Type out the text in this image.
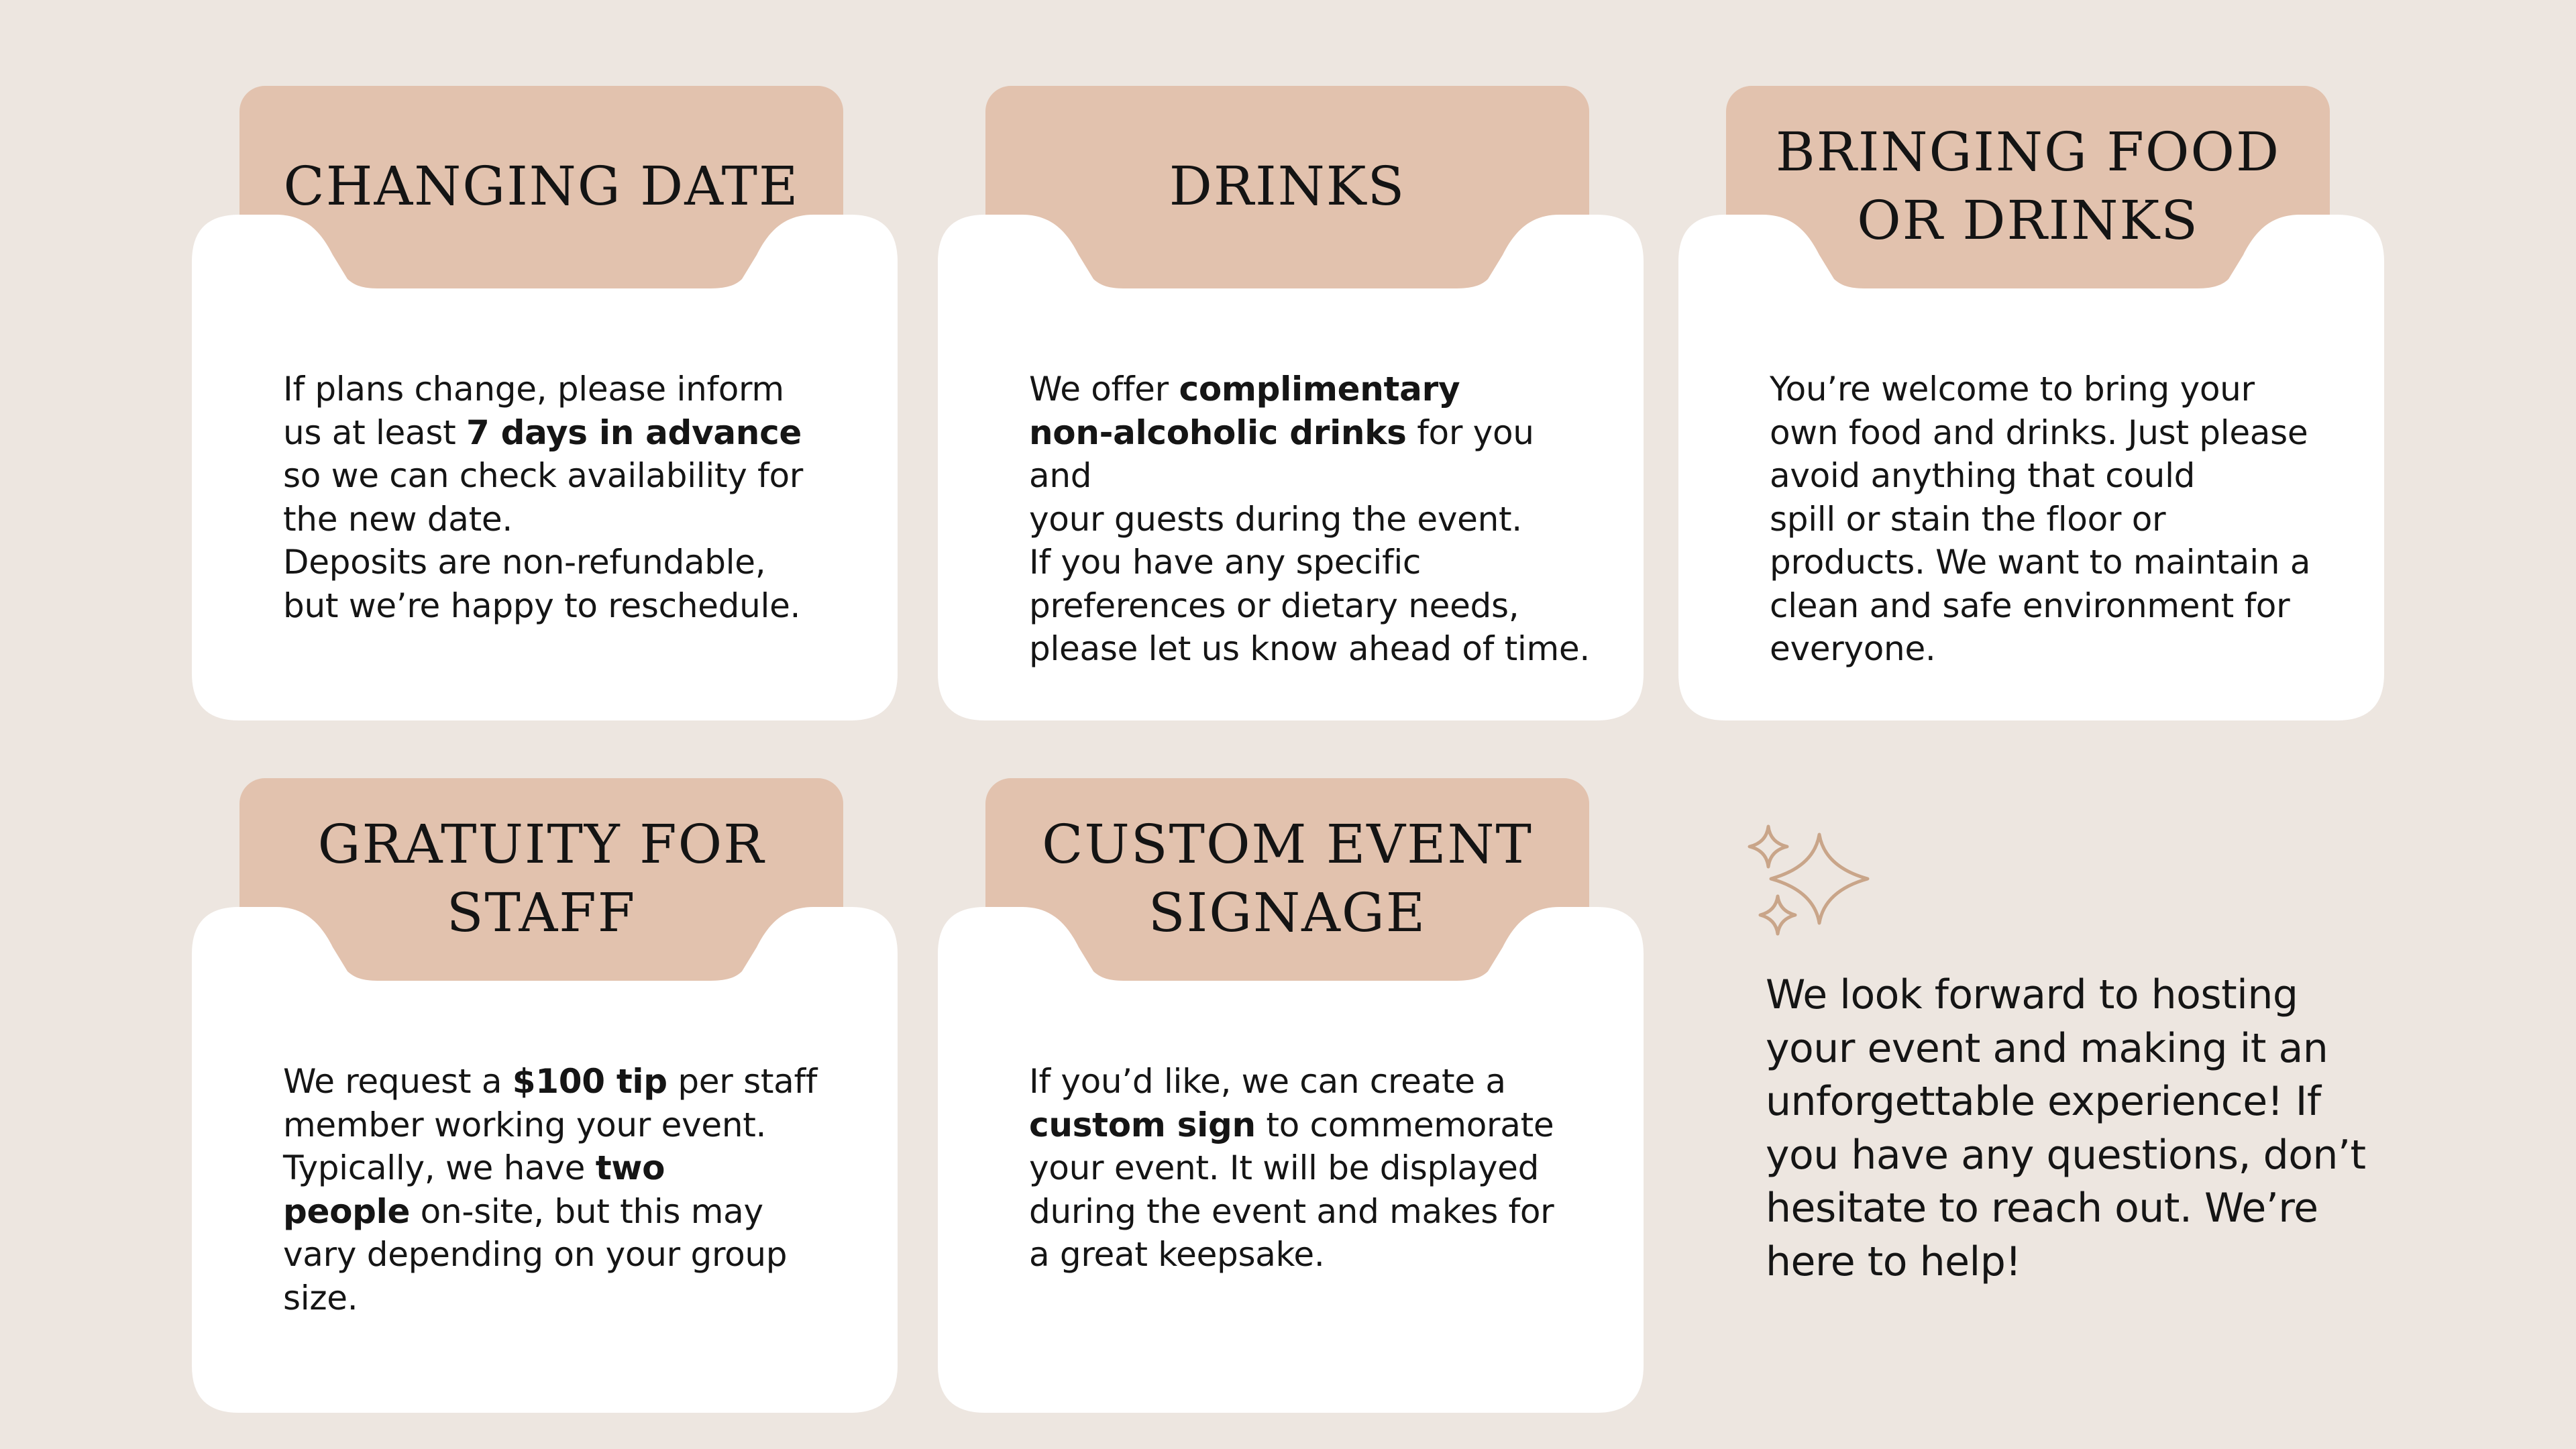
CHANGING DATE
If plans change, please inform
us at least 7 days in advance
so we can check availability for
the new date.
Deposits are non-refundable,
but we’re happy to reschedule.
DRINKS
We offer complimentary
non-alcoholic drinks for you and
your guests during the event.
If you have any specific
preferences or dietary needs,
please let us know ahead of time.
BRINGING FOOD
OR DRINKS
You’re welcome to bring your
own food and drinks. Just please
avoid anything that could
spill or stain the floor or
products. We want to maintain a
clean and safe environment for
everyone.
GRATUITY FOR
STAFF
We request a $100 tip per staff
member working your event.
Typically, we have two
people on-site, but this may
vary depending on your group
size.
CUSTOM EVENT
SIGNAGE
If you’d like, we can create a
custom sign to commemorate
your event. It will be displayed
during the event and makes for
a great keepsake.
We look forward to hosting
your event and making it an
unforgettable experience! If
you have any questions, don’t
hesitate to reach out. We’re
here to help!
